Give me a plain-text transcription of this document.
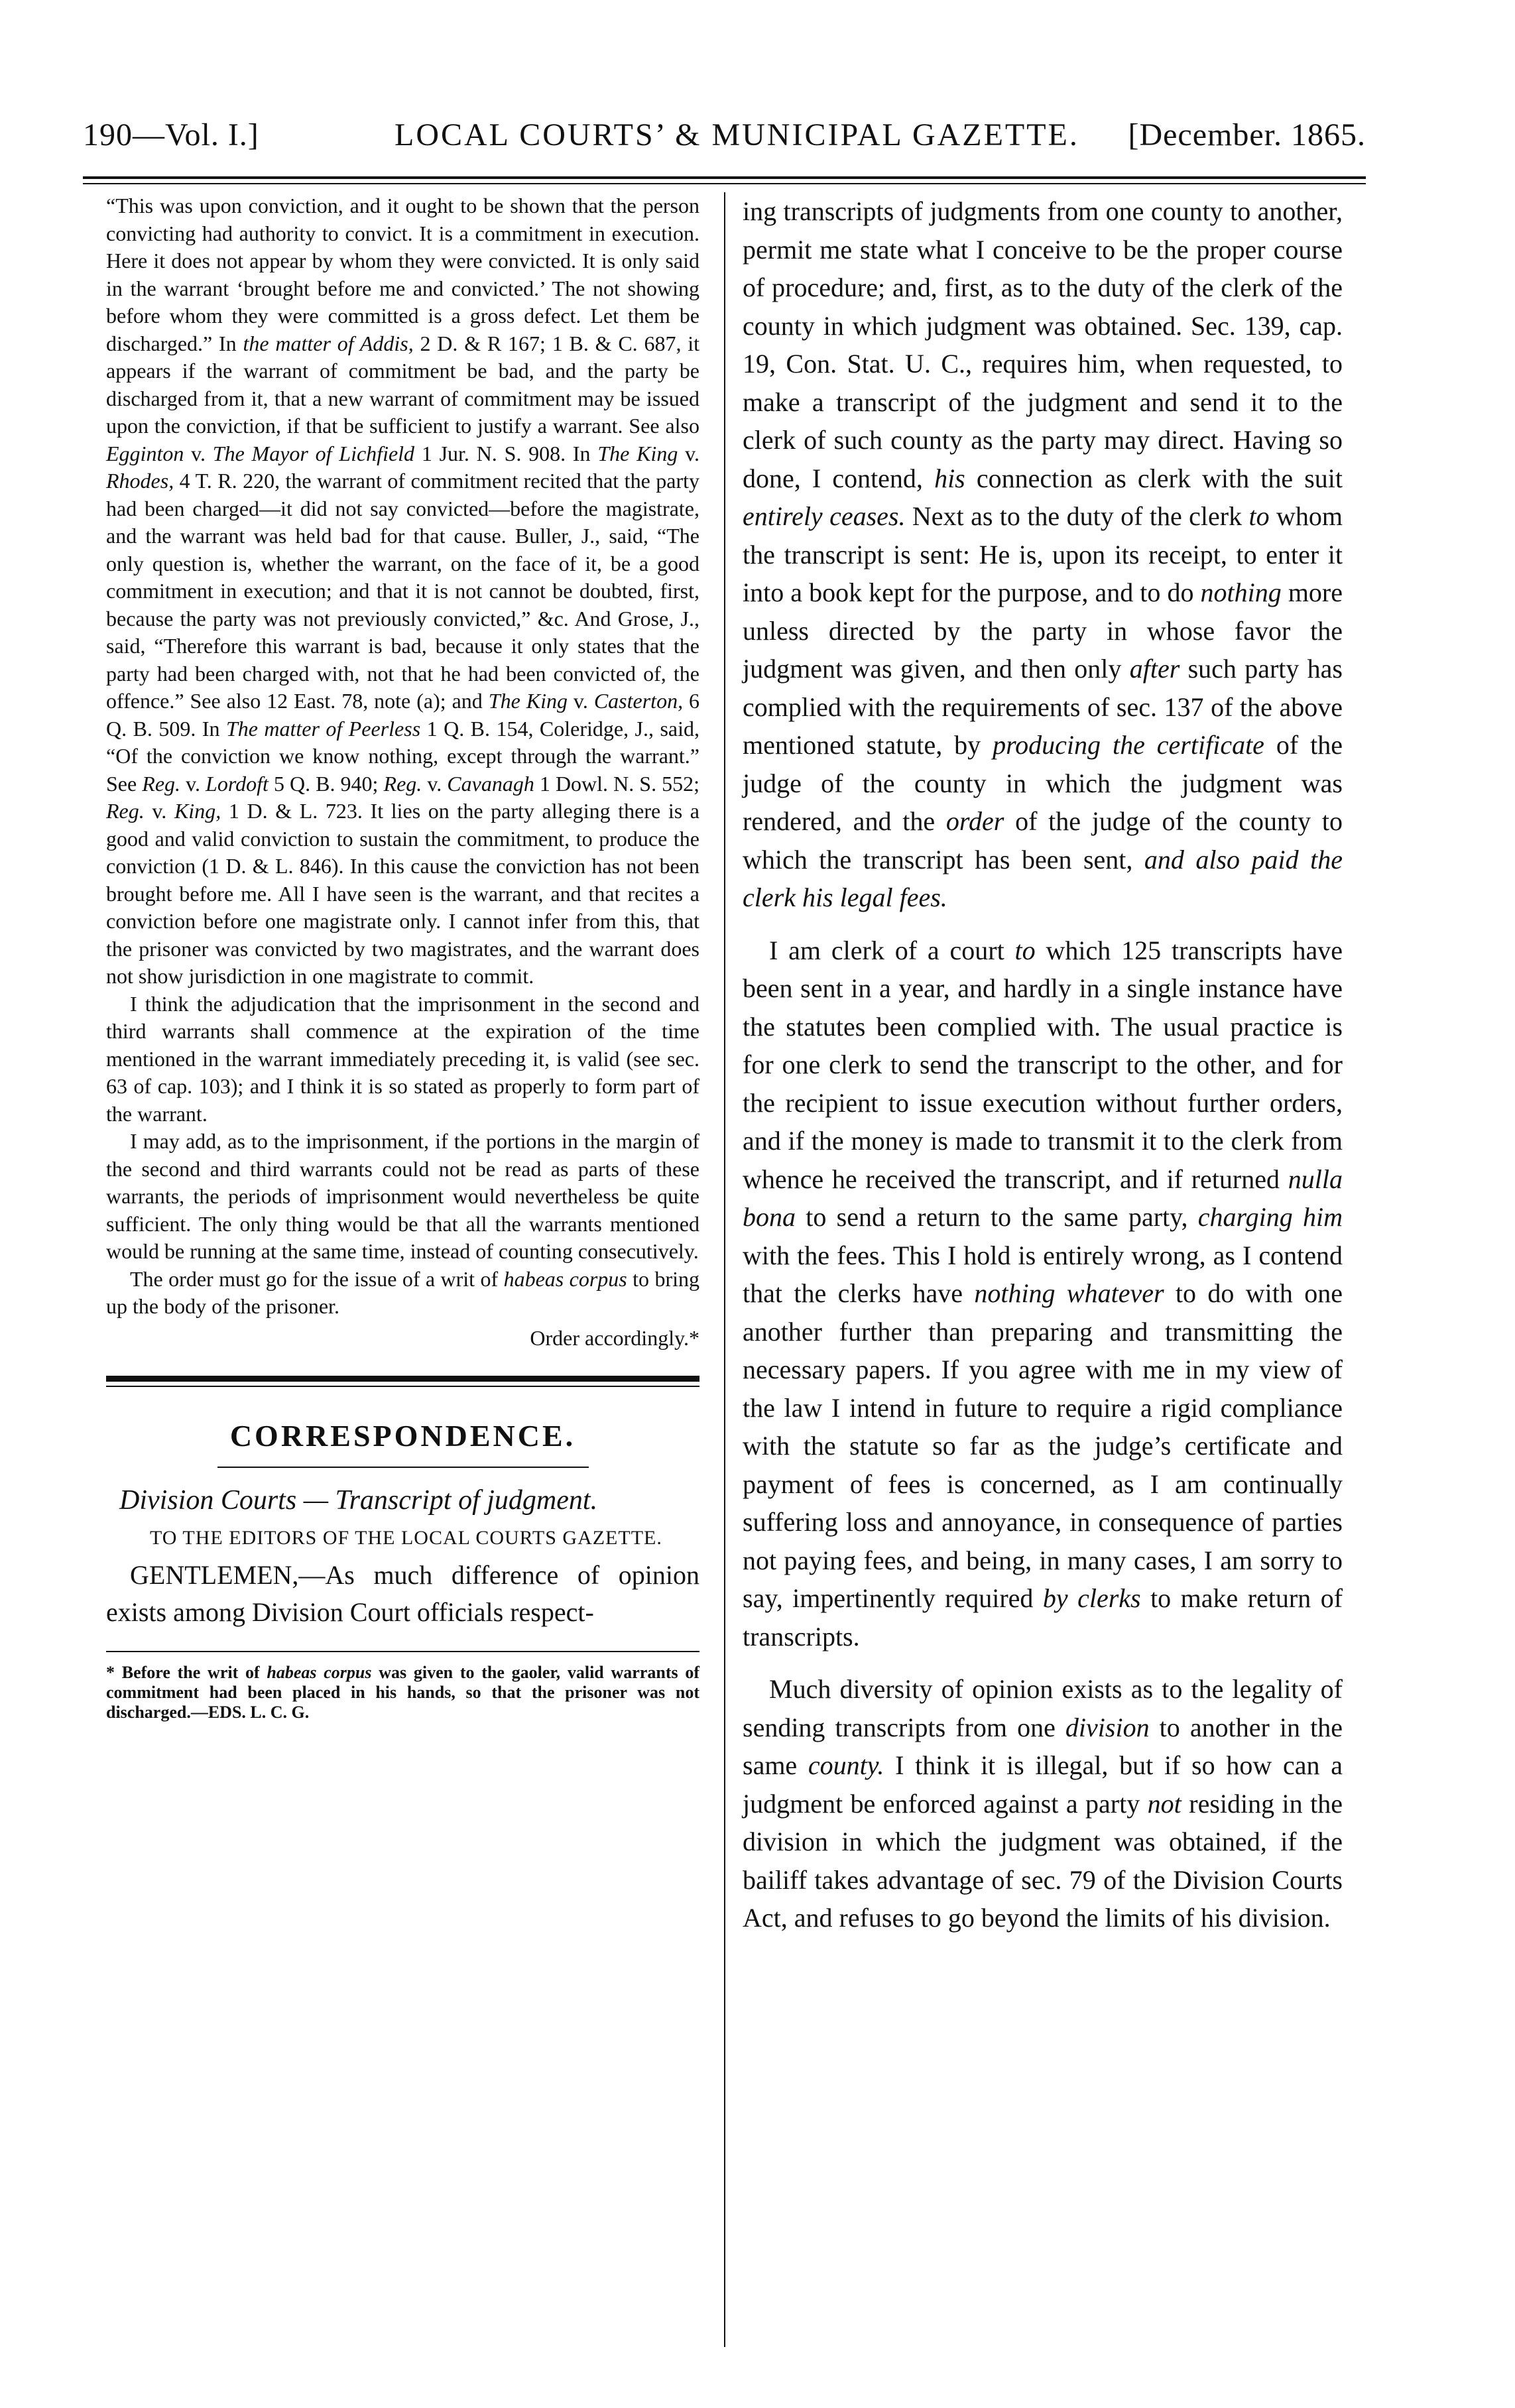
190—Vol. I.]	LOCAL COURTS’ & MUNICIPAL GAZETTE. [December. 1865.

“This was upon conviction, and it ought to be shown that the person convicting had authority to convict. It is a commitment in execution. Here it does not appear by whom they were convicted. It is only said in the warrant ‘brought before me and convicted.’ The not showing before whom they were committed is a gross defect. Let them be discharged.” In the matter of Addis, 2 D. & R 167; 1 B. & C. 687, it appears if the warrant of commitment be bad, and the party be discharged from it, that a new warrant of commitment may be issued upon the conviction, if that be sufficient to justify a warrant. See also Egginton v. The Mayor of Lichfield 1 Jur. N. S. 908. In The King v. Rhodes, 4 T. R. 220, the warrant of commitment recited that the party had been charged—it did not say convicted—before the magistrate, and the warrant was held bad for that cause. Buller, J., said, “The only question is, whether the warrant, on the face of it, be a good commitment in execution; and that it is not cannot be doubted, first, because the party was not previously convicted,” &c. And Grose, J., said, “Therefore this warrant is bad, because it only states that the party had been charged with, not that he had been convicted of, the offence.” See also 12 East. 78, note (a); and The King v. Casterton, 6 Q. B. 509. In The matter of Peerless 1 Q. B. 154, Coleridge, J., said, “Of the conviction we know nothing, except through the warrant.” See Reg. v. Lordoft 5 Q. B. 940; Reg. v. Cavanagh 1 Dowl. N. S. 552; Reg. v. King, 1 D. & L. 723. It lies on the party alleging there is a good and valid conviction to sustain the commitment, to produce the conviction (1 D. & L. 846). In this cause the conviction has not been brought before me. All I have seen is the warrant, and that recites a conviction before one magistrate only. I cannot infer from this, that the prisoner was convicted by two magistrates, and the warrant does not show jurisdiction in one magistrate to commit.

I think the adjudication that the imprisonment in the second and third warrants shall commence at the expiration of the time mentioned in the warrant immediately preceding it, is valid (see sec. 63 of cap. 103); and I think it is so stated as properly to form part of the warrant.

I may add, as to the imprisonment, if the portions in the margin of the second and third warrants could not be read as parts of these warrants, the periods of imprisonment would nevertheless be quite sufficient. The only thing would be that all the warrants mentioned would be running at the same time, instead of counting consecutively.

The order must go for the issue of a writ of habeas corpus to bring up the body of the prisoner.

Order accordingly.*

CORRESPONDENCE.

Division Courts — Transcript of judgment.

TO THE EDITORS OF THE LOCAL COURTS GAZETTE.

GENTLEMEN,—As much difference of opinion exists among Division Court officials respect-

* Before the writ of habeas corpus was given to the gaoler, valid warrants of commitment had been placed in his hands, so that the prisoner was not discharged.—EDS. L. C. G.

ing transcripts of judgments from one county to another, permit me state what I conceive to be the proper course of procedure; and, first, as to the duty of the clerk of the county in which judgment was obtained. Sec. 139, cap. 19, Con. Stat. U. C., requires him, when requested, to make a transcript of the judgment and send it to the clerk of such county as the party may direct. Having so done, I contend, his connection as clerk with the suit entirely ceases. Next as to the duty of the clerk to whom the transcript is sent: He is, upon its receipt, to enter it into a book kept for the purpose, and to do nothing more unless directed by the party in whose favor the judgment was given, and then only after such party has complied with the requirements of sec. 137 of the above mentioned statute, by producing the certificate of the judge of the county in which the judgment was rendered, and the order of the judge of the county to which the transcript has been sent, and also paid the clerk his legal fees.

I am clerk of a court to which 125 transcripts have been sent in a year, and hardly in a single instance have the statutes been complied with. The usual practice is for one clerk to send the transcript to the other, and for the recipient to issue execution without further orders, and if the money is made to transmit it to the clerk from whence he received the transcript, and if returned nulla bona to send a return to the same party, charging him with the fees. This I hold is entirely wrong, as I contend that the clerks have nothing whatever to do with one another further than preparing and transmitting the necessary papers. If you agree with me in my view of the law I intend in future to require a rigid compliance with the statute so far as the judge’s certificate and payment of fees is concerned, as I am continually suffering loss and annoyance, in consequence of parties not paying fees, and being, in many cases, I am sorry to say, impertinently required by clerks to make return of transcripts.

Much diversity of opinion exists as to the legality of sending transcripts from one division to another in the same county. I think it is illegal, but if so how can a judgment be enforced against a party not residing in the division in which the judgment was obtained, if the bailiff takes advantage of sec. 79 of the Division Courts Act, and refuses to go beyond the limits of his division.
